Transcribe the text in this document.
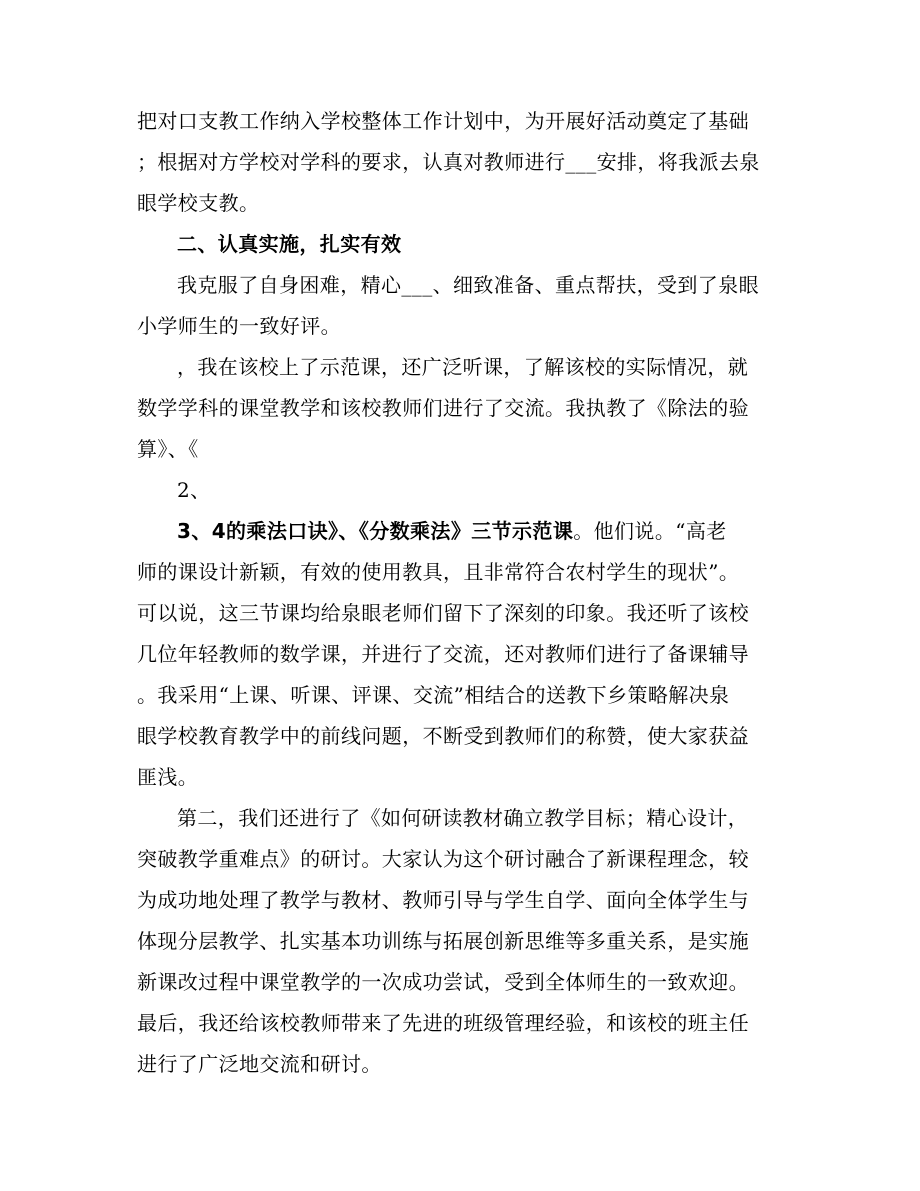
把对口支教工作纳入学校整体工作计划中，为开展好活动奠定了基础
；根据对方学校对学科的要求，认真对教师进行___安排，将我派去泉
眼学校支教。
二、认真实施，扎实有效
我克服了自身困难，精心___、细致准备、重点帮扶，受到了泉眼
小学师生的一致好评。
，我在该校上了示范课，还广泛听课，了解该校的实际情况，就
数学学科的课堂教学和该校教师们进行了交流。我执教了《除法的验
算》、《
2、
3、4的乘法口诀》、《分数乘法》三节示范课。他们说。“高老
师的课设计新颖，有效的使用教具，且非常符合农村学生的现状”。
可以说，这三节课均给泉眼老师们留下了深刻的印象。我还听了该校
几位年轻教师的数学课，并进行了交流，还对教师们进行了备课辅导
。我采用“上课、听课、评课、交流”相结合的送教下乡策略解决泉
眼学校教育教学中的前线问题，不断受到教师们的称赞，使大家获益
匪浅。
第二，我们还进行了《如何研读教材确立教学目标；精心设计，
突破教学重难点》的研讨。大家认为这个研讨融合了新课程理念，较
为成功地处理了教学与教材、教师引导与学生自学、面向全体学生与
体现分层教学、扎实基本功训练与拓展创新思维等多重关系，是实施
新课改过程中课堂教学的一次成功尝试，受到全体师生的一致欢迎。
最后，我还给该校教师带来了先进的班级管理经验，和该校的班主任
进行了广泛地交流和研讨。
